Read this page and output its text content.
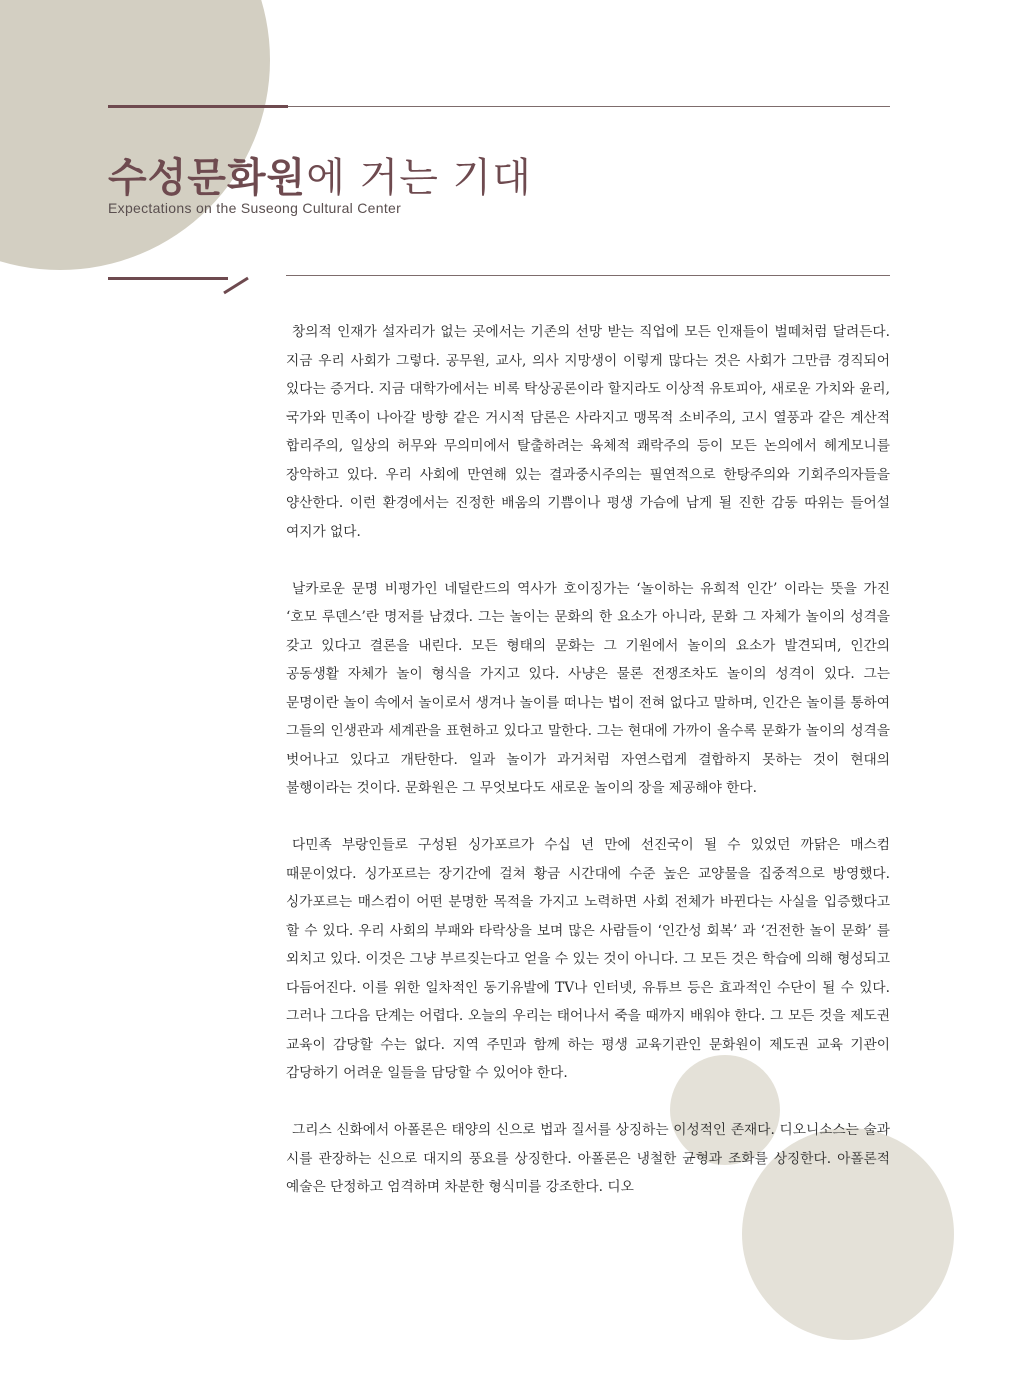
수성문화원에 거는 기대
Expectations on the Suseong Cultural Center

창의적 인재가 설자리가 없는 곳에서는 기존의 선망 받는 직업에 모든 인재들이 벌떼처럼 달려든다. 지금 우리 사회가 그렇다. 공무원, 교사, 의사 지망생이 이렇게 많다는 것은 사회가 그만큼 경직되어 있다는 증거다. 지금 대학가에서는 비록 탁상공론이라 할지라도 이상적 유토피아, 새로운 가치와 윤리, 국가와 민족이 나아갈 방향 같은 거시적 담론은 사라지고 맹목적 소비주의, 고시 열풍과 같은 계산적 합리주의, 일상의 허무와 무의미에서 탈출하려는 육체적 쾌락주의 등이 모든 논의에서 헤게모니를 장악하고 있다. 우리 사회에 만연해 있는 결과중시주의는 필연적으로 한탕주의와 기회주의자들을 양산한다. 이런 환경에서는 진정한 배움의 기쁨이나 평생 가슴에 남게 될 진한 감동 따위는 들어설 여지가 없다.

날카로운 문명 비평가인 네덜란드의 역사가 호이징가는 ‘놀이하는 유희적 인간’ 이라는 뜻을 가진 ‘호모 루덴스’란 명저를 남겼다. 그는 놀이는 문화의 한 요소가 아니라, 문화 그 자체가 놀이의 성격을 갖고 있다고 결론을 내린다. 모든 형태의 문화는 그 기원에서 놀이의 요소가 발견되며, 인간의 공동생활 자체가 놀이 형식을 가지고 있다. 사냥은 물론 전쟁조차도 놀이의 성격이 있다. 그는 문명이란 놀이 속에서 놀이로서 생겨나 놀이를 떠나는 법이 전혀 없다고 말하며, 인간은 놀이를 통하여 그들의 인생관과 세계관을 표현하고 있다고 말한다. 그는 현대에 가까이 올수록 문화가 놀이의 성격을 벗어나고 있다고 개탄한다. 일과 놀이가 과거처럼 자연스럽게 결합하지 못하는 것이 현대의 불행이라는 것이다. 문화원은 그 무엇보다도 새로운 놀이의 장을 제공해야 한다.

다민족 부랑인들로 구성된 싱가포르가 수십 년 만에 선진국이 될 수 있었던 까닭은 매스컴 때문이었다. 싱가포르는 장기간에 걸쳐 황금 시간대에 수준 높은 교양물을 집중적으로 방영했다. 싱가포르는 매스컴이 어떤 분명한 목적을 가지고 노력하면 사회 전체가 바뀐다는 사실을 입증했다고 할 수 있다. 우리 사회의 부패와 타락상을 보며 많은 사람들이 ‘인간성 회복’ 과 ‘건전한 놀이 문화’ 를 외치고 있다. 이것은 그냥 부르짖는다고 얻을 수 있는 것이 아니다. 그 모든 것은 학습에 의해 형성되고 다듬어진다. 이를 위한 일차적인 동기유발에 TV나 인터넷, 유튜브 등은 효과적인 수단이 될 수 있다. 그러나 그다음 단계는 어렵다. 오늘의 우리는 태어나서 죽을 때까지 배워야 한다. 그 모든 것을 제도권 교육이 감당할 수는 없다. 지역 주민과 함께 하는 평생 교육기관인 문화원이 제도권 교육 기관이 감당하기 어려운 일들을 담당할 수 있어야 한다.

그리스 신화에서 아폴론은 태양의 신으로 법과 질서를 상징하는 이성적인 존재다. 디오니소스는 술과 시를 관장하는 신으로 대지의 풍요를 상징한다. 아폴론은 냉철한 균형과 조화를 상징한다. 아폴론적 예술은 단정하고 엄격하며 차분한 형식미를 강조한다. 디오
